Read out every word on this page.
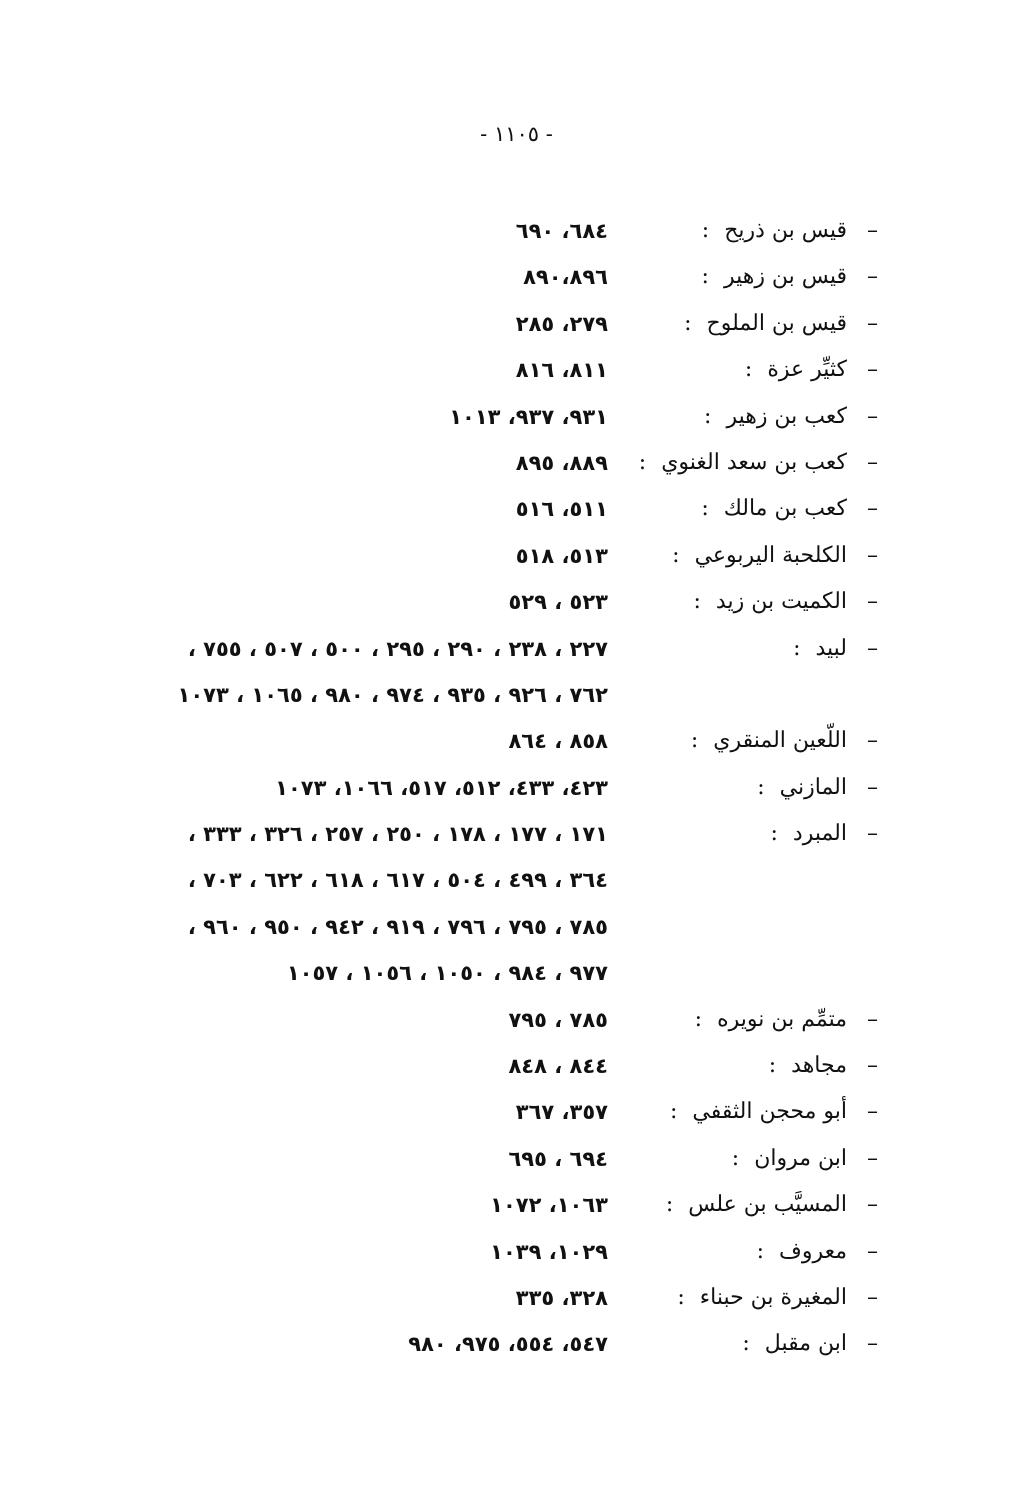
- ١١٠٥ -
–
قيس بن ذريح :
٦٨٤، ٦٩٠
–
قيس بن زهير :
٨٩٠،٨٩٦
–
قيس بن الملوح :
٢٧٩، ٢٨٥
–
كثيِّر عزة :
٨١١، ٨١٦
–
كعب بن زهير :
٩٣١، ٩٣٧، ١٠١٣
–
كعب بن سعد الغنوي :
٨٨٩، ٨٩٥
–
كعب بن مالك :
٥١١، ٥١٦
–
الكلحبة اليربوعي :
٥١٣، ٥١٨
–
الكميت بن زيد :
٥٢٣ ، ٥٢٩
–
لبيد :
٢٢٧ ، ٢٣٨ ، ٢٩٠ ، ٢٩٥ ، ٥٠٠ ، ٥٠٧ ، ٧٥٥ ،
٧٦٢ ، ٩٢٦ ، ٩٣٥ ، ٩٧٤ ، ٩٨٠ ، ١٠٦٥ ، ١٠٧٣
–
اللّعين المنقري :
٨٥٨ ، ٨٦٤
–
المازني :
٤٢٣، ٤٣٣، ٥١٢، ٥١٧، ١٠٦٦، ١٠٧٣
–
المبرد :
١٧١ ، ١٧٧ ، ١٧٨ ، ٢٥٠ ، ٢٥٧ ، ٣٢٦ ، ٣٣٣ ،
٣٦٤ ، ٤٩٩ ، ٥٠٤ ، ٦١٧ ، ٦١٨ ، ٦٢٢ ، ٧٠٣ ،
٧٨٥ ، ٧٩٥ ، ٧٩٦ ، ٩١٩ ، ٩٤٢ ، ٩٥٠ ، ٩٦٠ ،
٩٧٧ ، ٩٨٤ ، ١٠٥٠ ، ١٠٥٦ ، ١٠٥٧
–
متمِّم بن نويره :
٧٨٥ ، ٧٩٥
–
مجاهد :
٨٤٤ ، ٨٤٨
–
أبو محجن الثقفي :
٣٥٧، ٣٦٧
–
ابن مروان :
٦٩٤ ، ٦٩٥
–
المسيَّب بن علس :
١٠٦٣، ١٠٧٢
–
معروف :
١٠٢٩، ١٠٣٩
–
المغيرة بن حبناء :
٣٢٨، ٣٣٥
–
ابن مقبل :
٥٤٧، ٥٥٤، ٩٧٥، ٩٨٠
